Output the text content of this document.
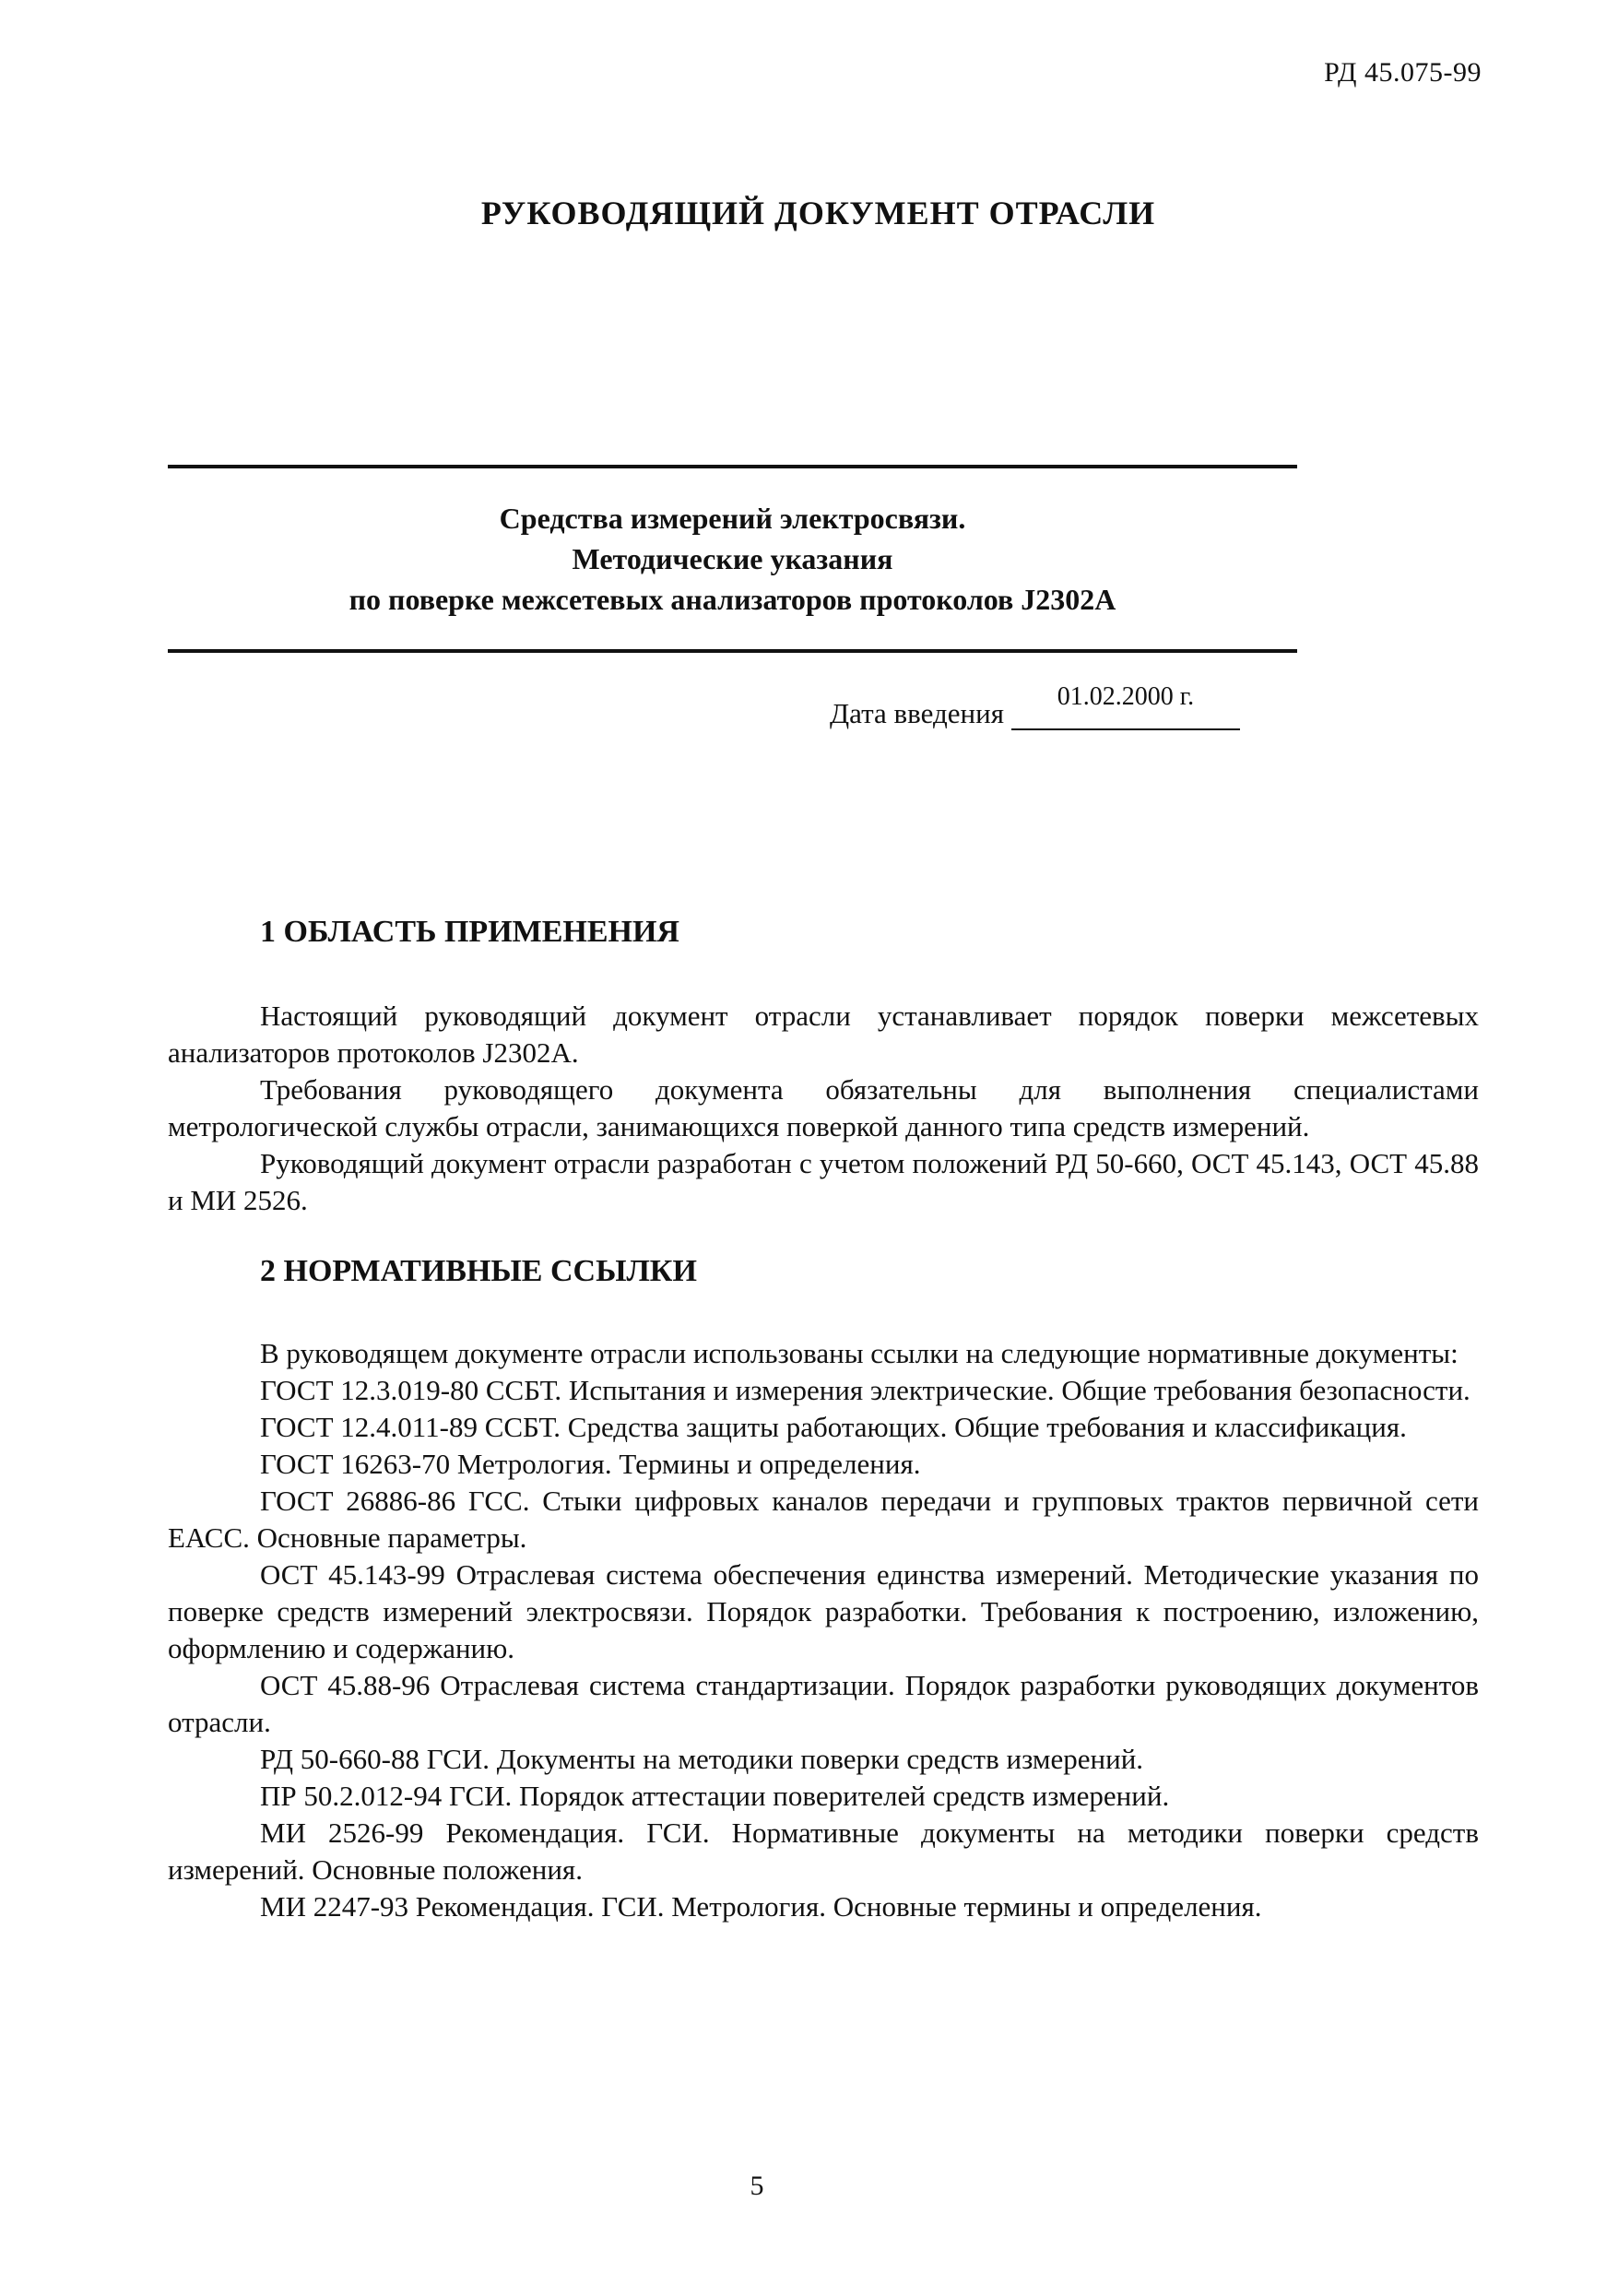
РД 45.075-99
РУКОВОДЯЩИЙ ДОКУМЕНТ ОТРАСЛИ
Средства измерений электросвязи.
Методические указания
по поверке межсетевых анализаторов протоколов J2302A
Дата введения
01.02.2000 г.
1 ОБЛАСТЬ ПРИМЕНЕНИЯ

Настоящий руководящий документ отрасли устанавливает порядок поверки межсетевых анализаторов протоколов J2302A.

Требования руководящего документа обязательны для выполнения специалистами метрологической службы отрасли, занимающихся поверкой данного типа средств измерений.

Руководящий документ отрасли разработан с учетом положений РД 50-660, ОСТ 45.143, ОСТ 45.88 и МИ 2526.

2 НОРМАТИВНЫЕ ССЫЛКИ

В руководящем документе отрасли использованы ссылки на следующие нормативные документы:

ГОСТ 12.3.019-80 ССБТ. Испытания и измерения электрические. Общие требования безопасности.

ГОСТ 12.4.011-89 ССБТ. Средства защиты работающих. Общие требования и классификация.

ГОСТ 16263-70 Метрология. Термины и определения.

ГОСТ 26886-86 ГСС. Стыки цифровых каналов передачи и групповых трактов первичной сети ЕАСС. Основные параметры.

ОСТ 45.143-99 Отраслевая система обеспечения единства измерений. Методические указания по поверке средств измерений электросвязи. Порядок разработки. Требования к построению, изложению, оформлению и содержанию.

ОСТ 45.88-96 Отраслевая система стандартизации. Порядок разработки руководящих документов отрасли.

РД 50-660-88 ГСИ. Документы на методики поверки средств измерений.

ПР 50.2.012-94 ГСИ. Порядок аттестации поверителей средств измерений.

МИ 2526-99 Рекомендация. ГСИ. Нормативные документы на методики поверки средств измерений. Основные положения.

МИ 2247-93 Рекомендация. ГСИ. Метрология. Основные термины и определения.

5
